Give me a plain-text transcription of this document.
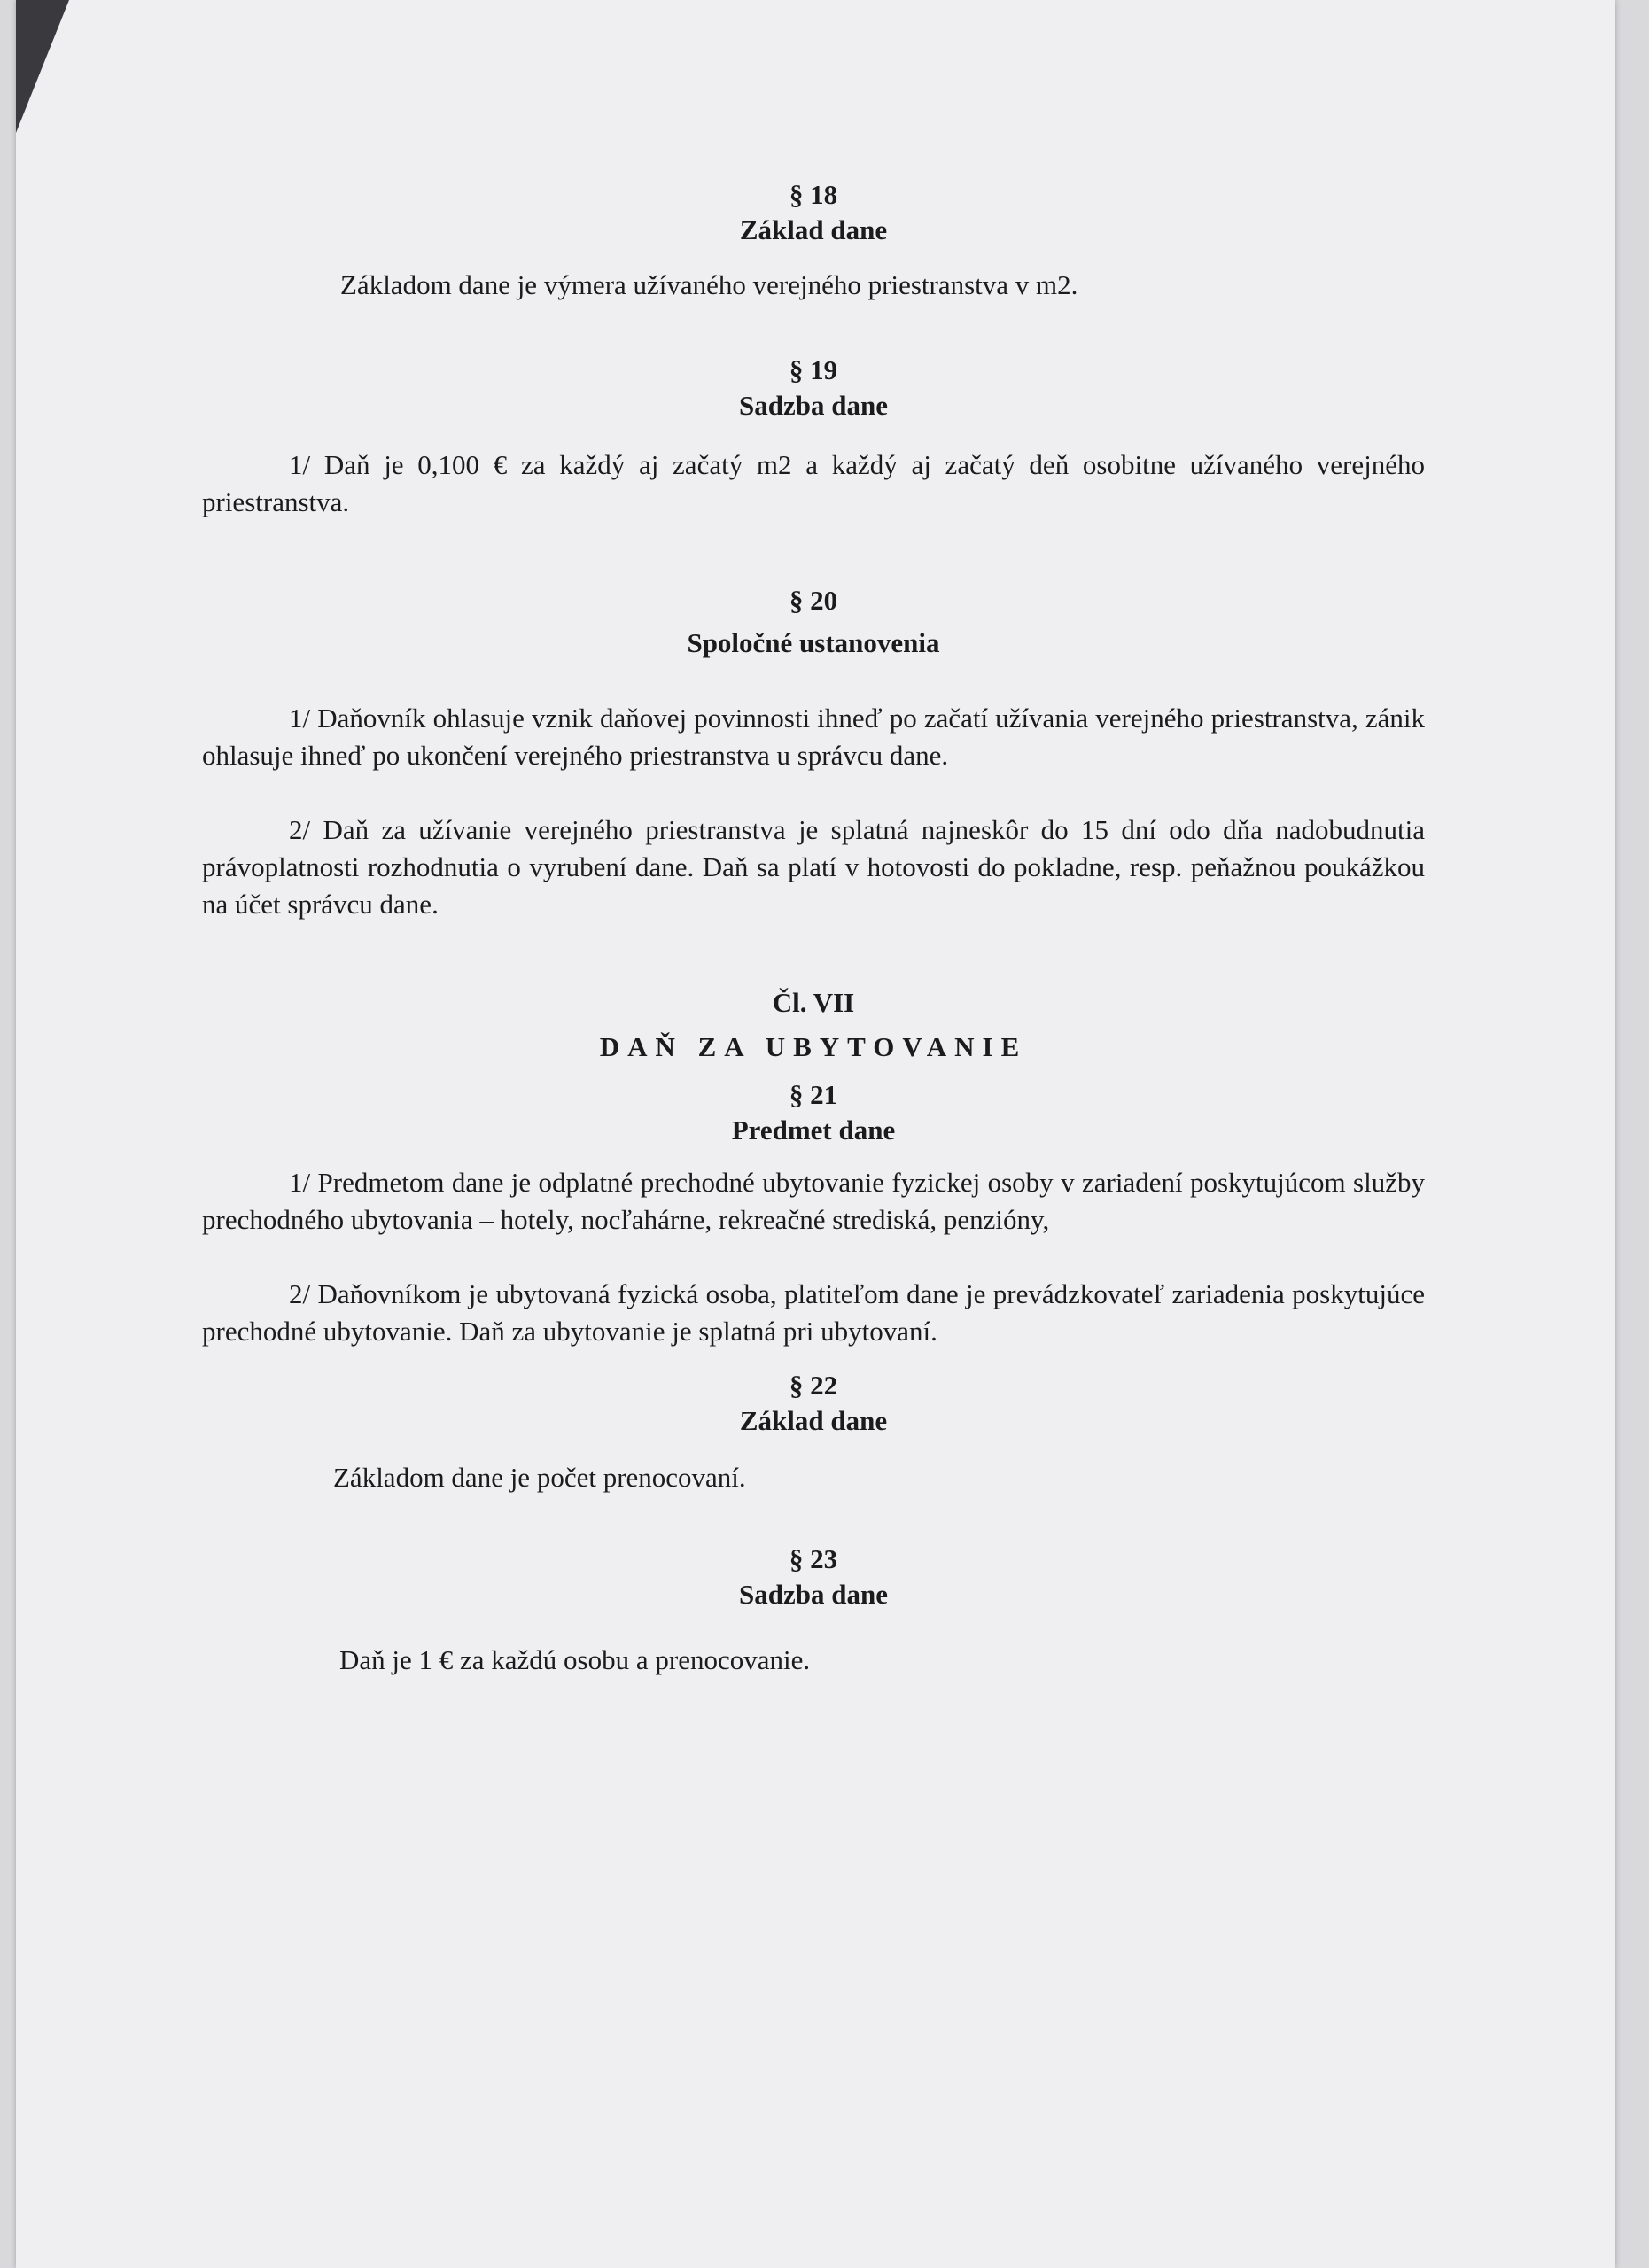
§ 18
Základ dane

Základom dane je výmera užívaného verejného priestranstva v m2.

§ 19
Sadzba dane

1/ Daň je 0,100 € za každý aj začatý m2 a každý aj začatý deň osobitne užívaného verejného priestranstva.

§ 20
Spoločné ustanovenia

1/ Daňovník ohlasuje vznik daňovej povinnosti ihneď po začatí užívania verejného priestranstva, zánik ohlasuje ihneď po ukončení verejného priestranstva u správcu dane.

2/ Daň za užívanie verejného priestranstva je splatná najneskôr do 15 dní odo dňa nadobudnutia právoplatnosti rozhodnutia o vyrubení dane. Daň sa platí v hotovosti do pokladne, resp. peňažnou poukážkou na účet správcu dane.

Čl. VII
DAŇ ZA UBYTOVANIE
§ 21
Predmet dane

1/ Predmetom dane je odplatné prechodné ubytovanie fyzickej osoby v zariadení poskytujúcom služby prechodného ubytovania – hotely, nocľahárne, rekreačné strediská, penzióny,

2/ Daňovníkom je ubytovaná fyzická osoba, platiteľom dane je prevádzkovateľ zariadenia poskytujúce prechodné ubytovanie. Daň za ubytovanie je splatná pri ubytovaní.

§ 22
Základ dane

Základom dane je počet prenocovaní.

§ 23
Sadzba dane

Daň je 1 € za každú osobu a prenocovanie.
